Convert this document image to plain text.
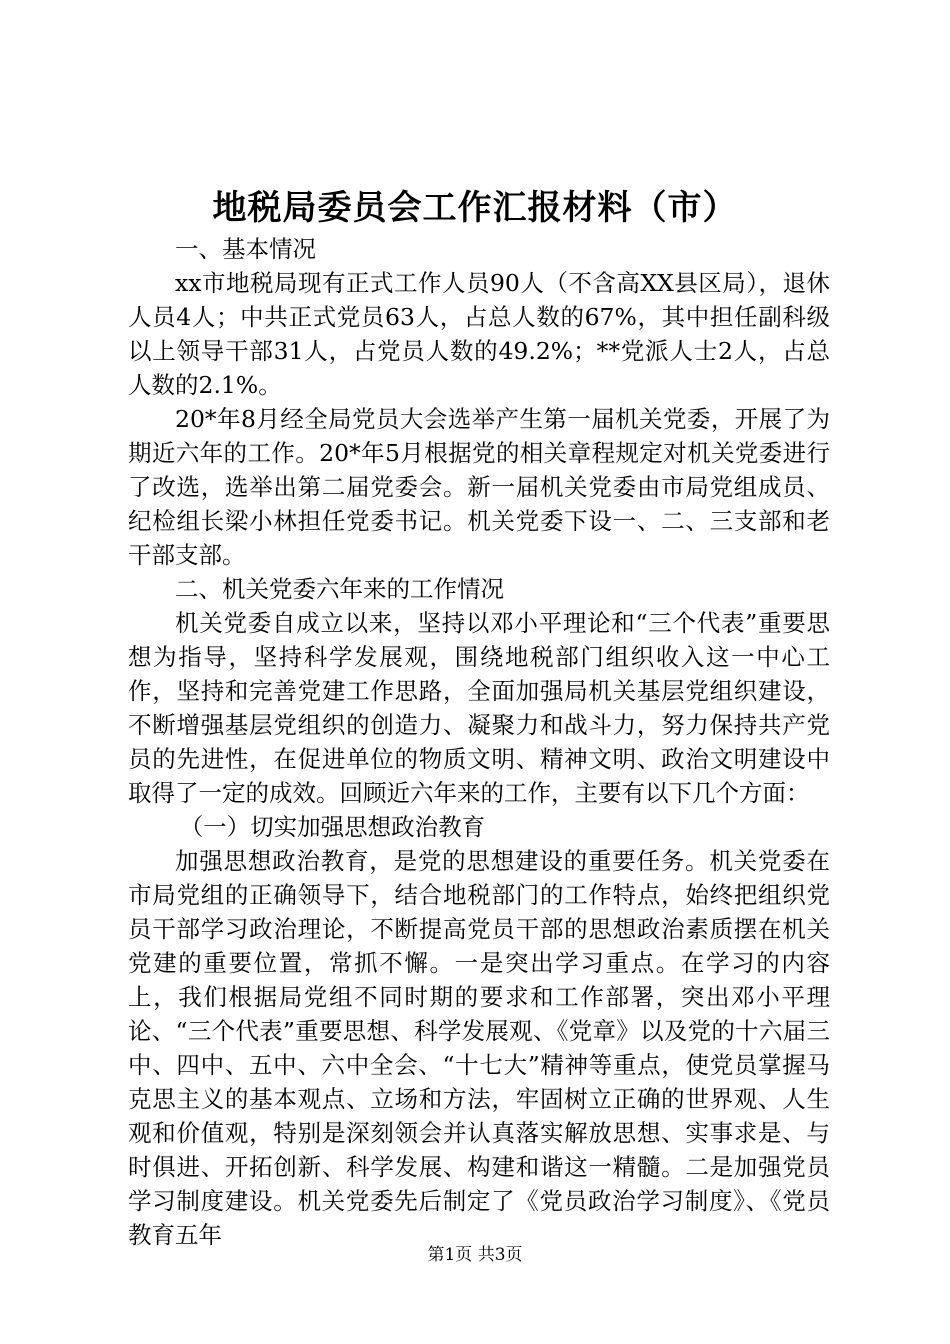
地税局委员会工作汇报材料（市）

一、基本情况

xx市地税局现有正式工作人员90人（不含高XX县区局），退休人员4人；中共正式党员63人，占总人数的67%，其中担任副科级以上领导干部31人，占党员人数的49.2%；**党派人士2人，占总人数的2.1%。

20*年8月经全局党员大会选举产生第一届机关党委，开展了为期近六年的工作。20*年5月根据党的相关章程规定对机关党委进行了改选，选举出第二届党委会。新一届机关党委由市局党组成员、纪检组长梁小林担任党委书记。机关党委下设一、二、三支部和老干部支部。

二、机关党委六年来的工作情况

机关党委自成立以来，坚持以邓小平理论和“三个代表”重要思想为指导，坚持科学发展观，围绕地税部门组织收入这一中心工作，坚持和完善党建工作思路，全面加强局机关基层党组织建设，不断增强基层党组织的创造力、凝聚力和战斗力，努力保持共产党员的先进性，在促进单位的物质文明、精神文明、政治文明建设中取得了一定的成效。回顾近六年来的工作，主要有以下几个方面：

（一）切实加强思想政治教育

加强思想政治教育，是党的思想建设的重要任务。机关党委在市局党组的正确领导下，结合地税部门的工作特点，始终把组织党员干部学习政治理论，不断提高党员干部的思想政治素质摆在机关党建的重要位置，常抓不懈。一是突出学习重点。在学习的内容上，我们根据局党组不同时期的要求和工作部署，突出邓小平理论、“三个代表”重要思想、科学发展观、《党章》以及党的十六届三中、四中、五中、六中全会、“十七大”精神等重点，使党员掌握马克思主义的基本观点、立场和方法，牢固树立正确的世界观、人生观和价值观，特别是深刻领会并认真落实解放思想、实事求是、与时俱进、开拓创新、科学发展、构建和谐这一精髓。二是加强党员学习制度建设。机关党委先后制定了《党员政治学习制度》、《党员教育五年

第1页 共3页
